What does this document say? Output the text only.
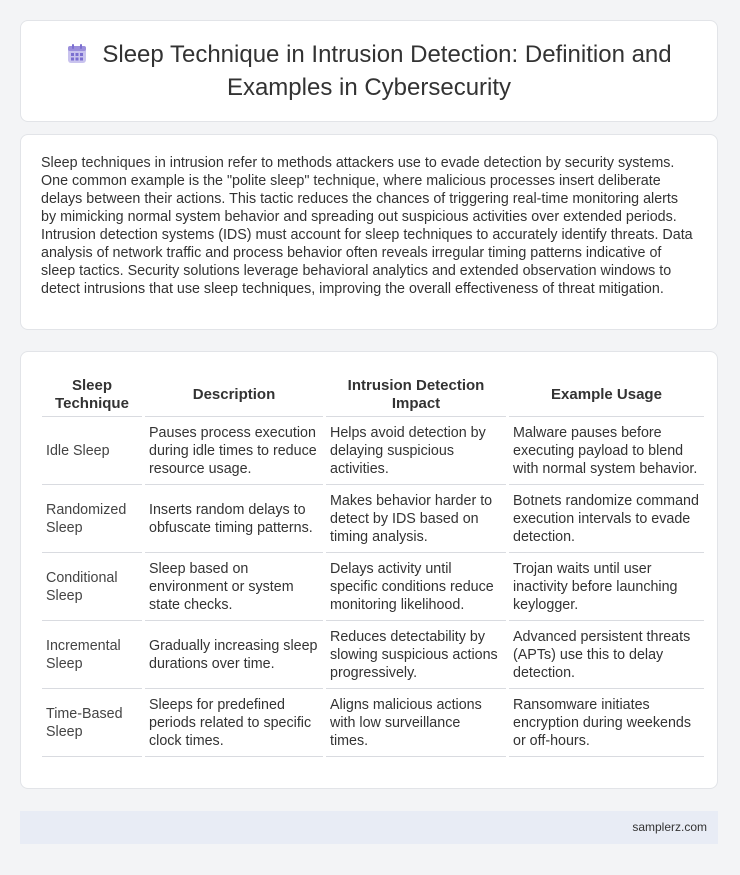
Sleep Technique in Intrusion Detection: Definition and Examples in Cybersecurity

Sleep techniques in intrusion refer to methods attackers use to evade detection by security systems. One common example is the "polite sleep" technique, where malicious processes insert deliberate delays between their actions. This tactic reduces the chances of triggering real-time monitoring alerts by mimicking normal system behavior and spreading out suspicious activities over extended periods. Intrusion detection systems (IDS) must account for sleep techniques to accurately identify threats. Data analysis of network traffic and process behavior often reveals irregular timing patterns indicative of sleep tactics. Security solutions leverage behavioral analytics and extended observation windows to detect intrusions that use sleep techniques, improving the overall effectiveness of threat mitigation.

Sleep Technique	Description	Intrusion Detection Impact	Example Usage
Idle Sleep	Pauses process execution during idle times to reduce resource usage.	Helps avoid detection by delaying suspicious activities.	Malware pauses before executing payload to blend with normal system behavior.
Randomized Sleep	Inserts random delays to obfuscate timing patterns.	Makes behavior harder to detect by IDS based on timing analysis.	Botnets randomize command execution intervals to evade detection.
Conditional Sleep	Sleep based on environment or system state checks.	Delays activity until specific conditions reduce monitoring likelihood.	Trojan waits until user inactivity before launching keylogger.
Incremental Sleep	Gradually increasing sleep durations over time.	Reduces detectability by slowing suspicious actions progressively.	Advanced persistent threats (APTs) use this to delay detection.
Time-Based Sleep	Sleeps for predefined periods related to specific clock times.	Aligns malicious actions with low surveillance times.	Ransomware initiates encryption during weekends or off-hours.
samplerz.com
